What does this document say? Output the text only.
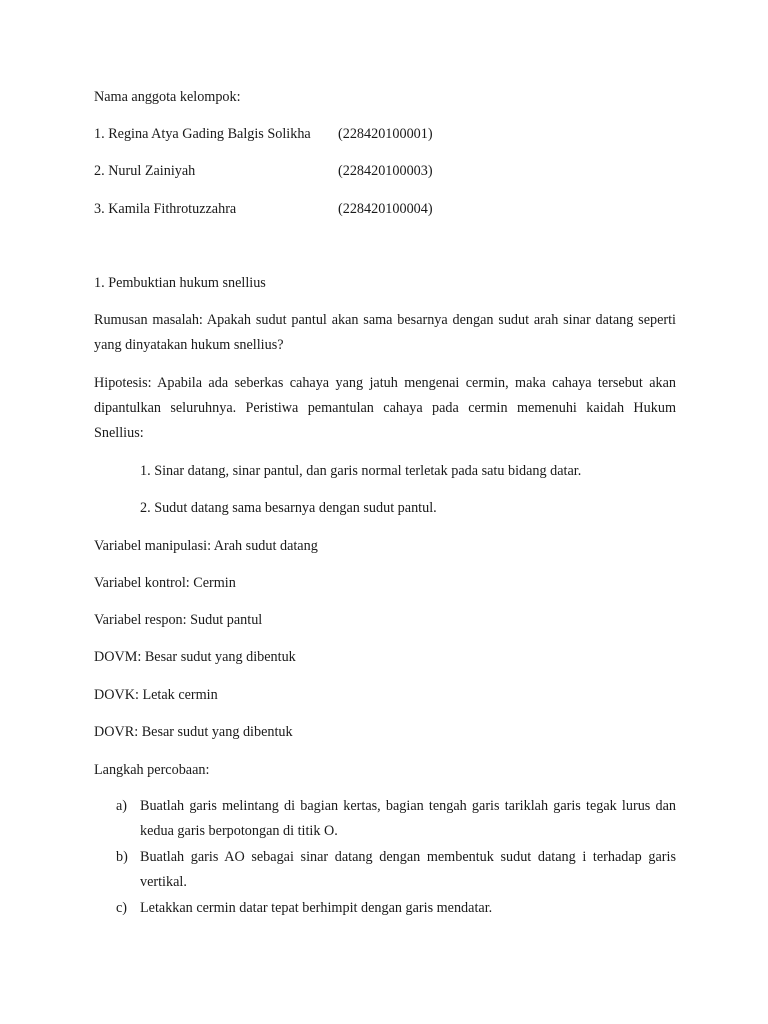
Nama anggota kelompok:
1. Regina Atya Gading Balgis Solikha (228420100001)
2. Nurul Zainiyah	(228420100003)
3. Kamila Fithrotuzzahra	(228420100004)
1. Pembuktian hukum snellius
Rumusan masalah: Apakah sudut pantul akan sama besarnya dengan sudut arah sinar datang seperti yang dinyatakan hukum snellius?
Hipotesis: Apabila ada seberkas cahaya yang jatuh mengenai cermin, maka cahaya tersebut akan dipantulkan seluruhnya. Peristiwa pemantulan cahaya pada cermin memenuhi kaidah Hukum Snellius:
1. Sinar datang, sinar pantul, dan garis normal terletak pada satu bidang datar.
2. Sudut datang sama besarnya dengan sudut pantul.
Variabel manipulasi: Arah sudut datang
Variabel kontrol: Cermin
Variabel respon: Sudut pantul
DOVM: Besar sudut yang dibentuk
DOVK: Letak cermin
DOVR: Besar sudut yang dibentuk
Langkah percobaan:
a) Buatlah garis melintang di bagian kertas, bagian tengah garis tariklah garis tegak lurus dan kedua garis berpotongan di titik O.
b) Buatlah garis AO sebagai sinar datang dengan membentuk sudut datang i terhadap garis vertikal.
c) Letakkan cermin datar tepat berhimpit dengan garis mendatar.
